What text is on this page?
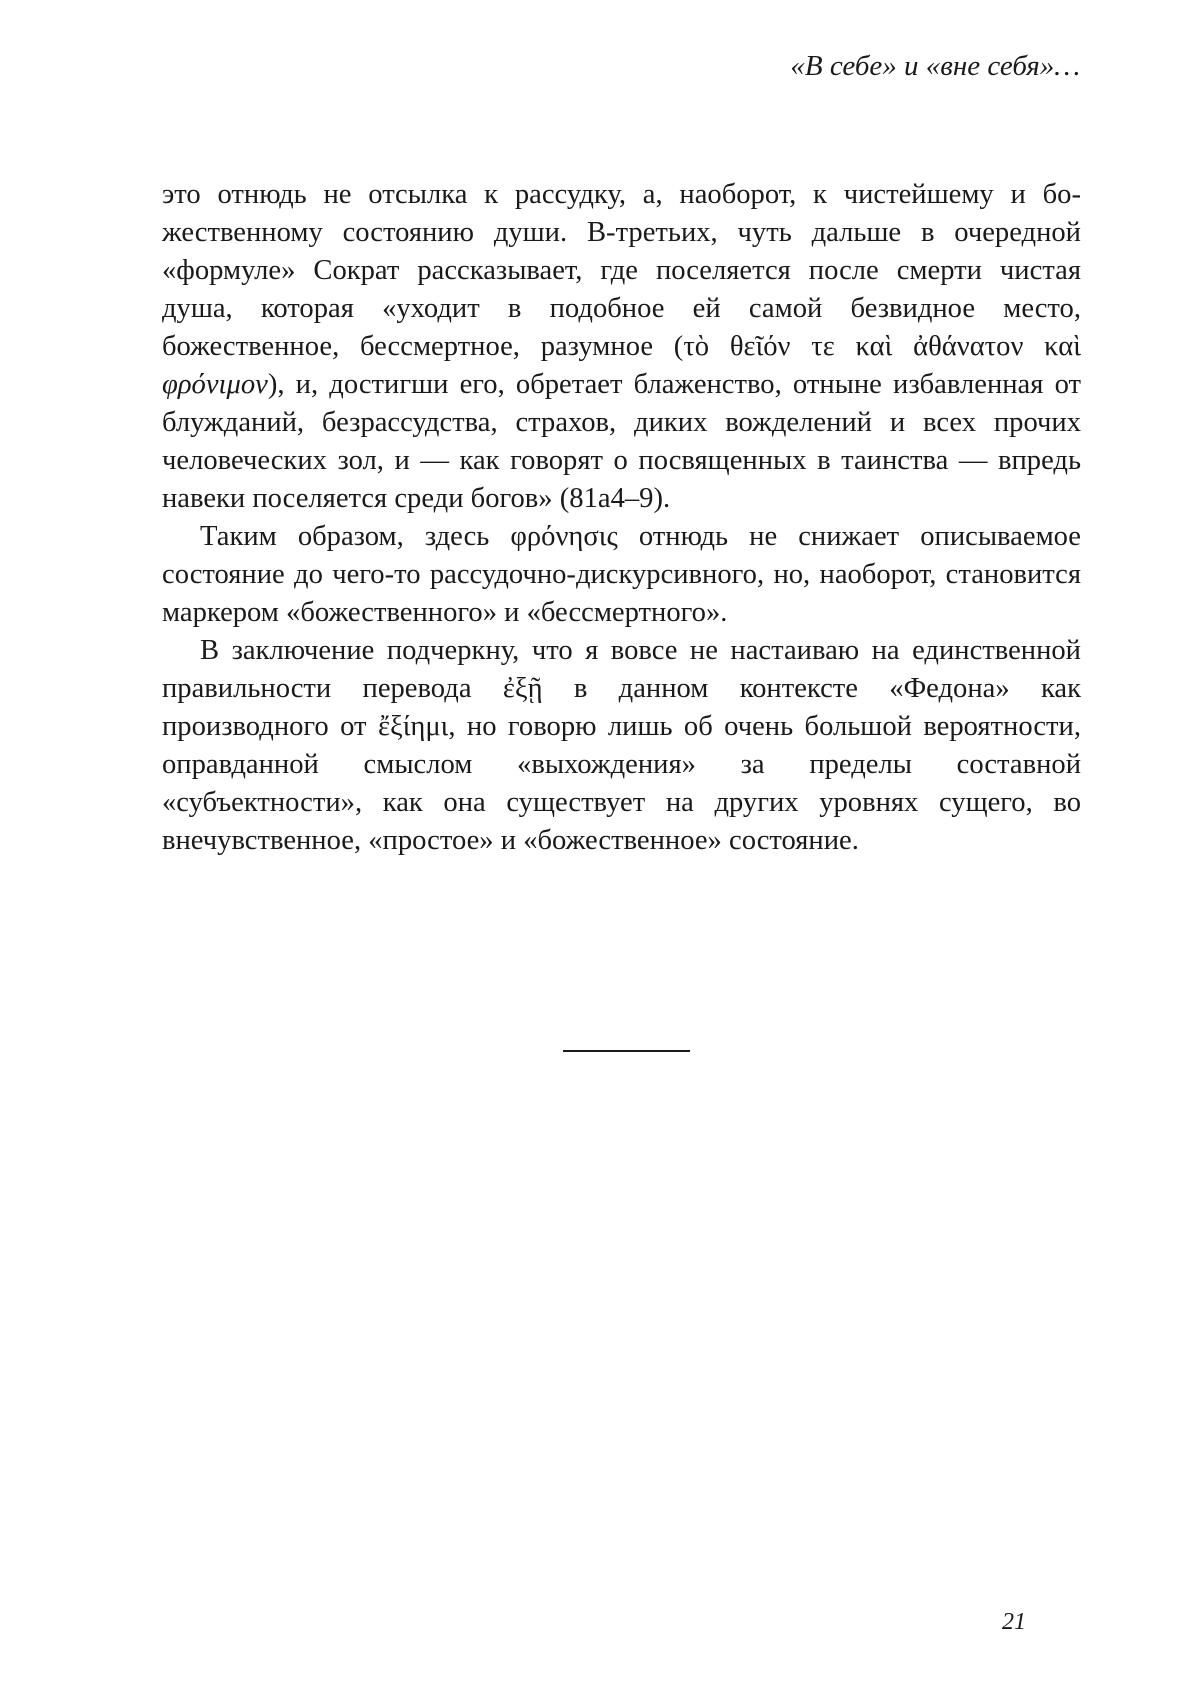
«В себе» и «вне себя»…

это отнюдь не отсылка к рассудку, а, наоборот, к чистейшему и божественному состоянию души. В-третьих, чуть дальше в очередной «формуле» Сократ рассказывает, где поселяется после смерти чистая душа, которая «уходит в подобное ей самой безвидное место, божественное, бессмертное, разумное (τὸ θεῖόν τε καὶ ἀθάνατον καὶ φρόνιμον), и, достигши его, обретает блаженство, отныне избавленная от блужданий, безрассудства, страхов, диких вожделений и всех прочих человеческих зол, и — как говорят о посвященных в таинства — впредь навеки поселяется среди богов» (81a4–9).

Таким образом, здесь φρόνησις отнюдь не снижает описываемое состояние до чего-то рассудочно-дискурсивного, но, наоборот, становится маркером «божественного» и «бессмертного».

В заключение подчеркну, что я вовсе не настаиваю на единственной правильности перевода ἐξῇ в данном контексте «Федона» как производного от ἔξίημι, но говорю лишь об очень большой вероятности, оправданной смыслом «выхождения» за пределы составной «субъектности», как она существует на других уровнях сущего, во внечувственное, «простое» и «божественное» состояние.

21
